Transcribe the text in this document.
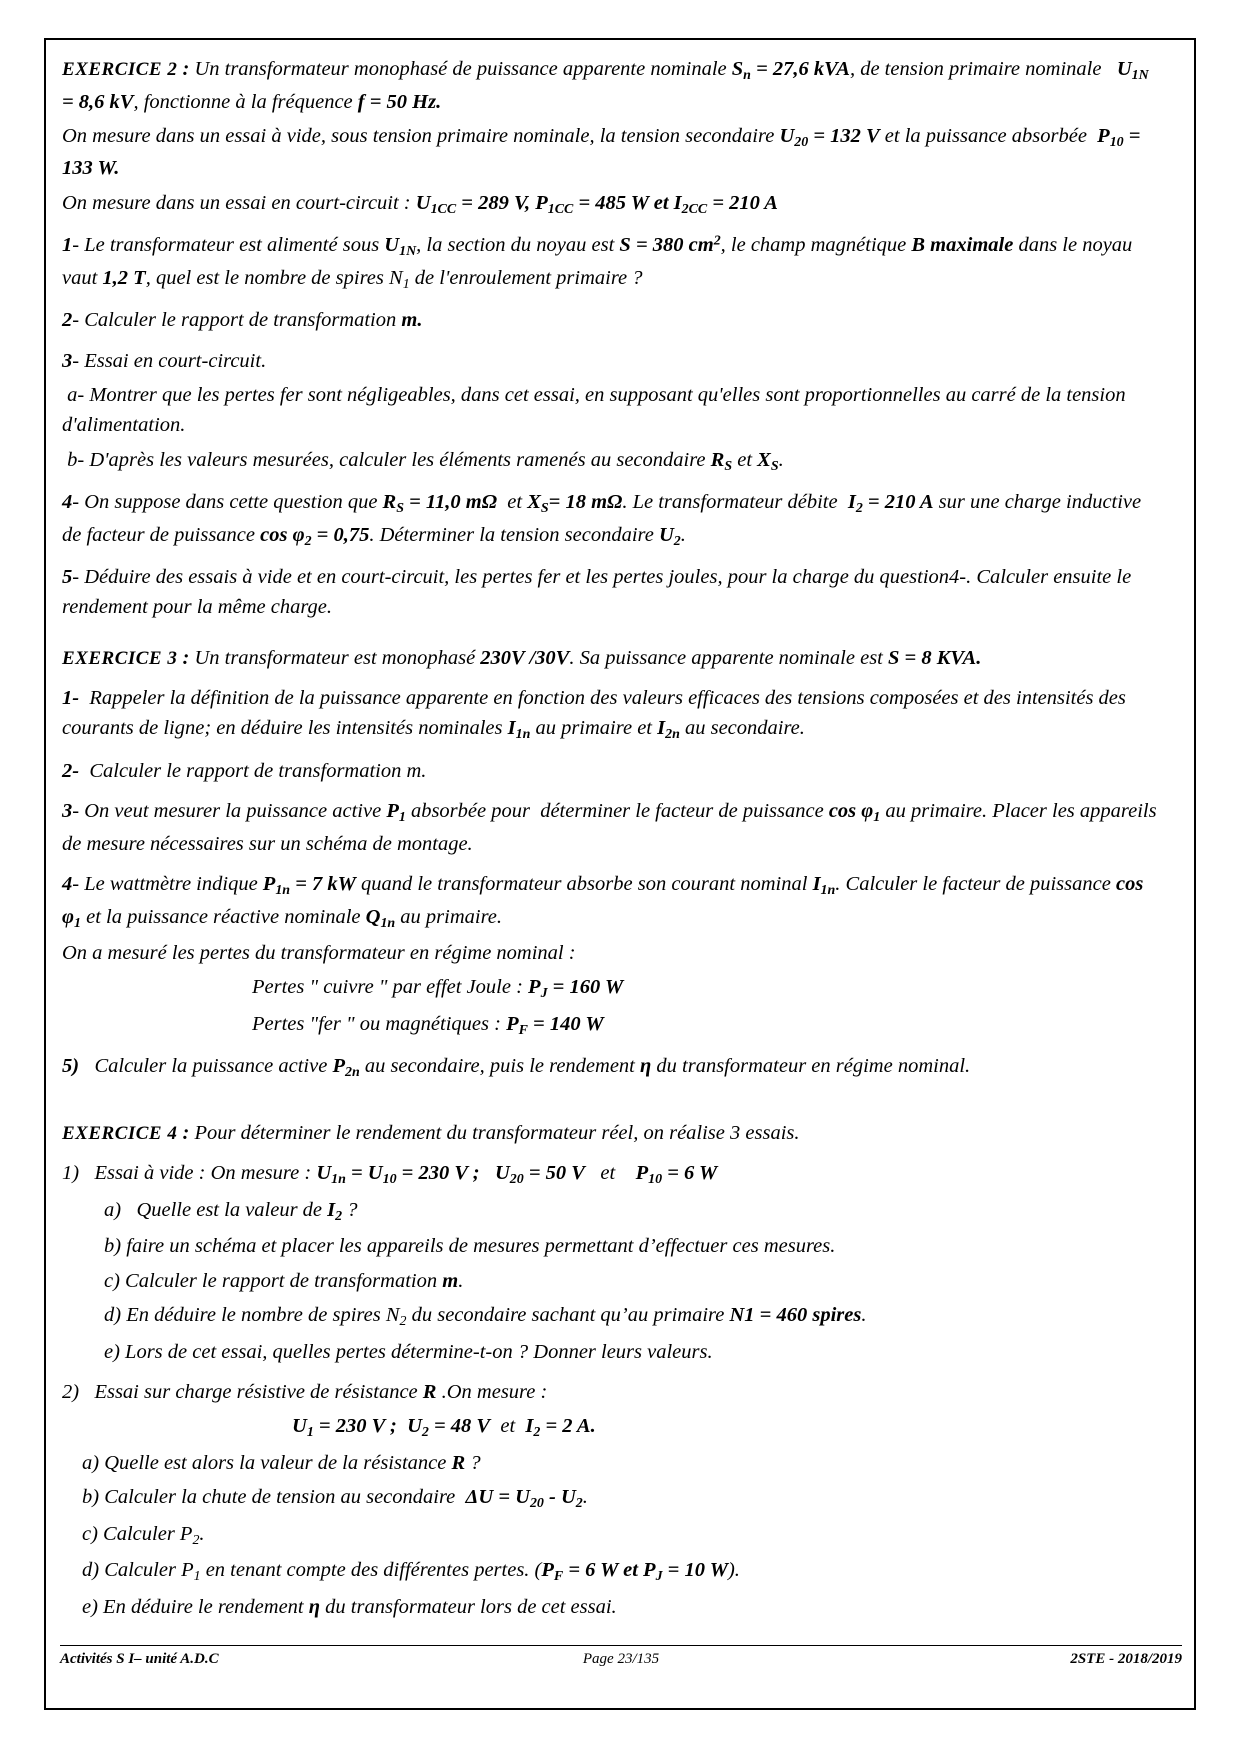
EXERCICE 2 : Un transformateur monophasé de puissance apparente nominale $S_n = 27,6$ kVA, de tension primaire nominale   $U_{1N} = 8,6$ kV, fonctionne à la fréquence f = 50 Hz.

On mesure dans un essai à vide, sous tension primaire nominale, la tension secondaire $U_{20} = 132$ V et la puissance absorbée  $P_{10} = 133$ W.

On mesure dans un essai en court-circuit : $U_{1CC} = 289$ V, $P_{1CC} = 485$ W et $I_{2CC} = 210$ A

1- Le transformateur est alimenté sous $U_{1N}$, la section du noyau est S = 380 $cm^2$, le champ magnétique B maximale dans le noyau vaut 1,2 T, quel est le nombre de spires $N_1$ de l'enroulement primaire ?

2- Calculer le rapport de transformation m.

3- Essai en court-circuit.

a- Montrer que les pertes fer sont négligeables, dans cet essai, en supposant qu'elles sont proportionnelles au carré de la tension d'alimentation.

b- D'après les valeurs mesurées, calculer les éléments ramenés au secondaire $R_S$ et $X_S$.

4- On suppose dans cette question que $R_S = 11,0$ mΩ  et $X_S= 18$ mΩ. Le transformateur débite  $I_2 = 210$ A sur une charge inductive de facteur de puissance $\cos \varphi_2 = 0,75$. Déterminer la tension secondaire $U_2$.

5- Déduire des essais à vide et en court-circuit, les pertes fer et les pertes joules, pour la charge du question4-. Calculer ensuite le rendement pour la même charge.

EXERCICE 3 : Un transformateur est monophasé 230V /30V. Sa puissance apparente nominale est S = 8 KVA.

1-  Rappeler la définition de la puissance apparente en fonction des valeurs efficaces des tensions composées et des intensités des courants de ligne; en déduire les intensités nominales $I_{1n}$ au primaire et $I_{2n}$ au secondaire.

2-  Calculer le rapport de transformation m.

3- On veut mesurer la puissance active $P_1$ absorbée pour  déterminer le facteur de puissance $\cos \varphi_1$ au primaire. Placer les appareils de mesure nécessaires sur un schéma de montage.

4- Le wattmètre indique $P_{1n} = 7$ kW quand le transformateur absorbe son courant nominal $I_{1n}$. Calculer le facteur de puissance $\cos \varphi_1$ et la puissance réactive nominale $Q_{1n}$ au primaire.

On a mesuré les pertes du transformateur en régime nominal :

Pertes " cuivre " par effet Joule : $P_J = 160$ W

Pertes "fer " ou magnétiques : $P_F = 140$ W

5)   Calculer la puissance active $P_{2n}$ au secondaire, puis le rendement η du transformateur en régime nominal.

EXERCICE 4 : Pour déterminer le rendement du transformateur réel, on réalise 3 essais.

1)   Essai à vide : On mesure : $U_{1n} = U_{10} = 230$ V ; $U_{20} = 50$ V   et    $P_{10} = 6$ W

a)   Quelle est la valeur de $I_2$ ?

b) faire un schéma et placer les appareils de mesures permettant d’effectuer ces mesures.

c) Calculer le rapport de transformation m.

d) En déduire le nombre de spires $N_2$ du secondaire sachant qu’au primaire N1 = 460 spires.

e) Lors de cet essai, quelles pertes détermine-t-on ? Donner leurs valeurs.

2)   Essai sur charge résistive de résistance R .On mesure :

$U_1 = 230$ V ;  $U_2 = 48$ V  et  $I_2 = 2$ A.

a) Quelle est alors la valeur de la résistance R ?

b) Calculer la chute de tension au secondaire  $\Delta U = U_{20} - U_2$.

c) Calculer $P_2$.

d) Calculer $P_1$ en tenant compte des différentes pertes. ($P_F = 6$ W et $P_J = 10$ W).

e) En déduire le rendement η du transformateur lors de cet essai.

Activités S I– unité A.D.C	Page 23/135	2STE - 2018/2019
